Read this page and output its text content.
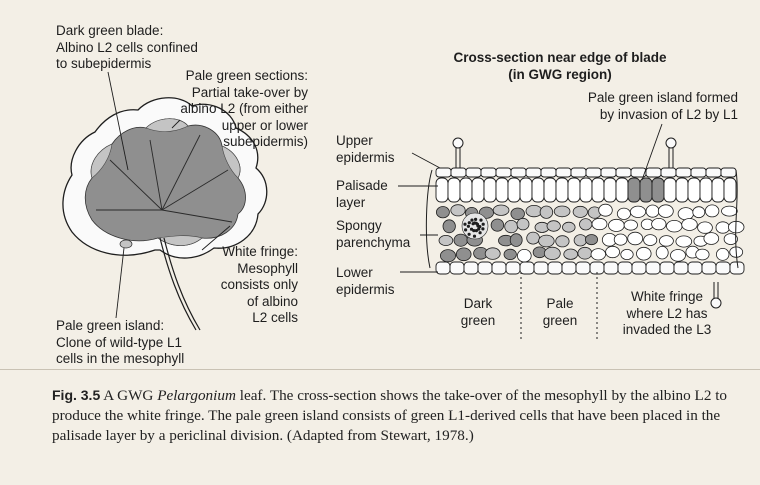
Dark green blade:
Albino L2 cells confined
to subepidermis
Pale green sections:
Partial take-over by
albino L2 (from either
upper or lower
subepidermis)
White fringe:
Mesophyll
consists only
of albino
L2 cells
Pale green island:
Clone of wild-type L1
cells in the mesophyll
Cross-section near edge of blade
(in GWG region)
Pale green island formed
by invasion of L2 by L1
Upper
epidermis
Palisade
layer
Spongy
parenchyma
Lower
epidermis
Dark
green
Pale
green
White fringe
where L2 has
invaded the L3
Fig. 3.5 A GWG Pelargonium leaf. The cross-section shows the take-over of the mesophyll by the albino L2 to produce the white fringe. The pale green island consists of green L1-derived cells that have been placed in the palisade layer by a periclinal division. (Adapted from Stewart, 1978.)
